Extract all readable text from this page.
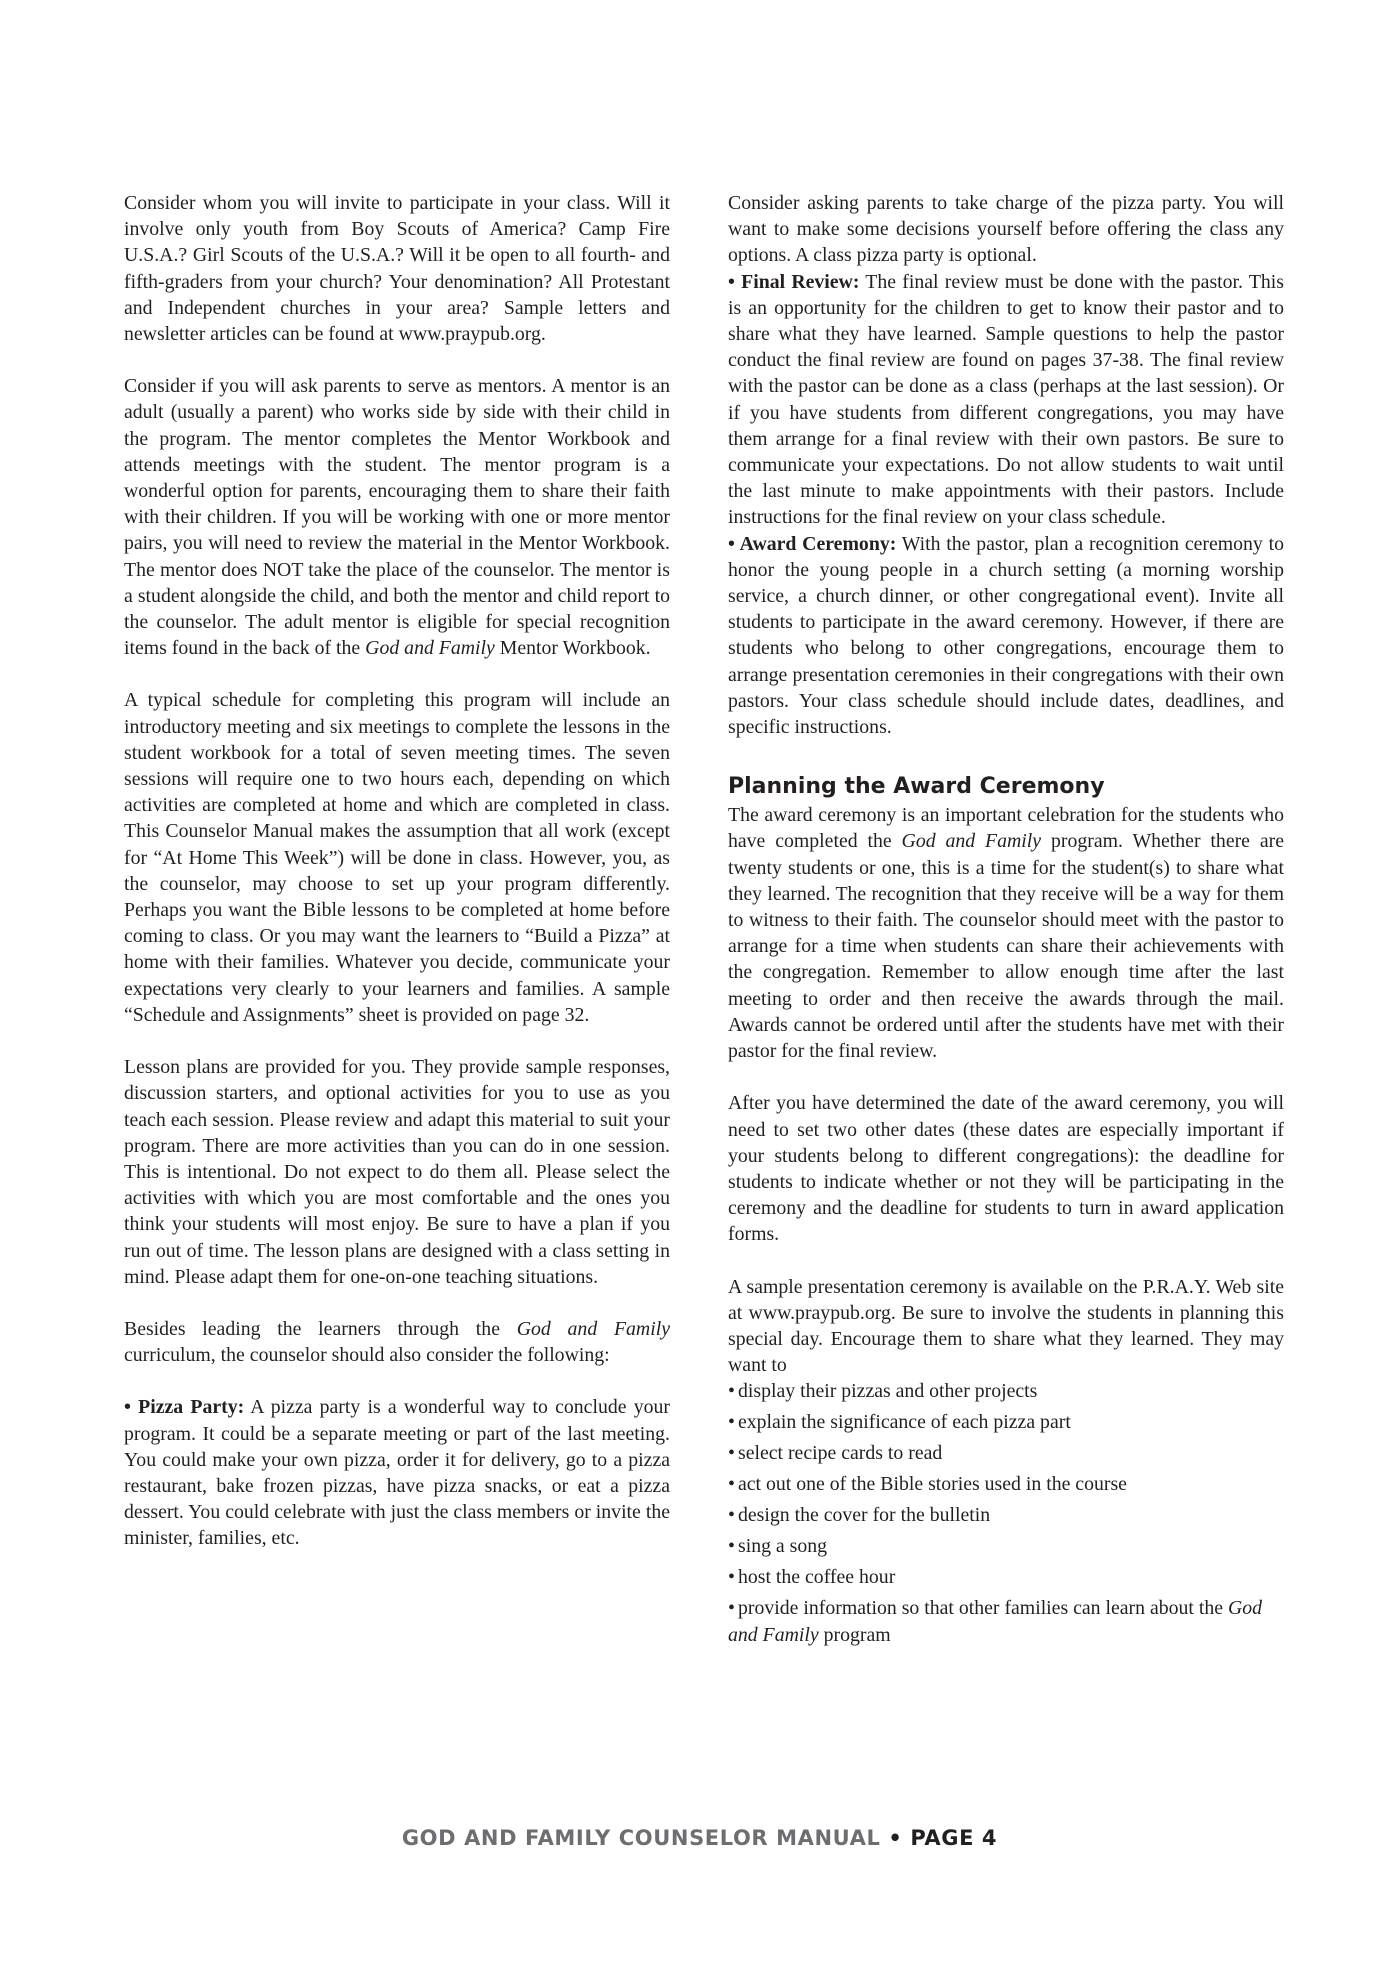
Consider whom you will invite to participate in your class. Will it involve only youth from Boy Scouts of America? Camp Fire U.S.A.? Girl Scouts of the U.S.A.? Will it be open to all fourth- and fifth-graders from your church? Your denomination? All Protestant and Independent churches in your area? Sample letters and newsletter articles can be found at www.praypub.org.

Consider if you will ask parents to serve as mentors. A mentor is an adult (usually a parent) who works side by side with their child in the program. The mentor completes the Mentor Workbook and attends meetings with the student. The mentor program is a wonderful option for parents, encouraging them to share their faith with their children. If you will be working with one or more mentor pairs, you will need to review the material in the Mentor Workbook. The mentor does NOT take the place of the counselor. The mentor is a student alongside the child, and both the mentor and child report to the counselor. The adult mentor is eligible for special recognition items found in the back of the God and Family Mentor Workbook.

A typical schedule for completing this program will include an introductory meeting and six meetings to complete the lessons in the student workbook for a total of seven meeting times. The seven sessions will require one to two hours each, depending on which activities are completed at home and which are completed in class. This Counselor Manual makes the assumption that all work (except for “At Home This Week”) will be done in class. However, you, as the counselor, may choose to set up your program differently. Perhaps you want the Bible lessons to be completed at home before coming to class. Or you may want the learners to “Build a Pizza” at home with their families. Whatever you decide, communicate your expectations very clearly to your learners and families. A sample “Schedule and Assignments” sheet is provided on page 32.

Lesson plans are provided for you. They provide sample responses, discussion starters, and optional activities for you to use as you teach each session. Please review and adapt this material to suit your program. There are more activities than you can do in one session. This is intentional. Do not expect to do them all. Please select the activities with which you are most comfortable and the ones you think your students will most enjoy. Be sure to have a plan if you run out of time. The lesson plans are designed with a class setting in mind. Please adapt them for one-on-one teaching situations.

Besides leading the learners through the God and Family curriculum, the counselor should also consider the following:

• Pizza Party: A pizza party is a wonderful way to conclude your program. It could be a separate meeting or part of the last meeting. You could make your own pizza, order it for delivery, go to a pizza restaurant, bake frozen pizzas, have pizza snacks, or eat a pizza dessert. You could celebrate with just the class members or invite the minister, families, etc.

Consider asking parents to take charge of the pizza party. You will want to make some decisions yourself before offering the class any options. A class pizza party is optional.

• Final Review: The final review must be done with the pastor. This is an opportunity for the children to get to know their pastor and to share what they have learned. Sample questions to help the pastor conduct the final review are found on pages 37-38. The final review with the pastor can be done as a class (perhaps at the last session). Or if you have students from different congregations, you may have them arrange for a final review with their own pastors. Be sure to communicate your expectations. Do not allow students to wait until the last minute to make appointments with their pastors. Include instructions for the final review on your class schedule.

• Award Ceremony: With the pastor, plan a recognition ceremony to honor the young people in a church setting (a morning worship service, a church dinner, or other congregational event). Invite all students to participate in the award ceremony. However, if there are students who belong to other congregations, encourage them to arrange presentation ceremonies in their congregations with their own pastors. Your class schedule should include dates, deadlines, and specific instructions.

Planning the Award Ceremony

The award ceremony is an important celebration for the students who have completed the God and Family program. Whether there are twenty students or one, this is a time for the student(s) to share what they learned. The recognition that they receive will be a way for them to witness to their faith. The counselor should meet with the pastor to arrange for a time when students can share their achievements with the congregation. Remember to allow enough time after the last meeting to order and then receive the awards through the mail. Awards cannot be ordered until after the students have met with their pastor for the final review.

After you have determined the date of the award ceremony, you will need to set two other dates (these dates are especially important if your students belong to different congregations): the deadline for students to indicate whether or not they will be participating in the ceremony and the deadline for students to turn in award application forms.

A sample presentation ceremony is available on the P.R.A.Y. Web site at www.praypub.org. Be sure to involve the students in planning this special day. Encourage them to share what they learned. They may want to

• display their pizzas and other projects
• explain the significance of each pizza part
• select recipe cards to read
• act out one of the Bible stories used in the course
• design the cover for the bulletin
• sing a song
• host the coffee hour
• provide information so that other families can learn about the God and Family program
GOD AND FAMILY COUNSELOR MANUAL • PAGE 4
